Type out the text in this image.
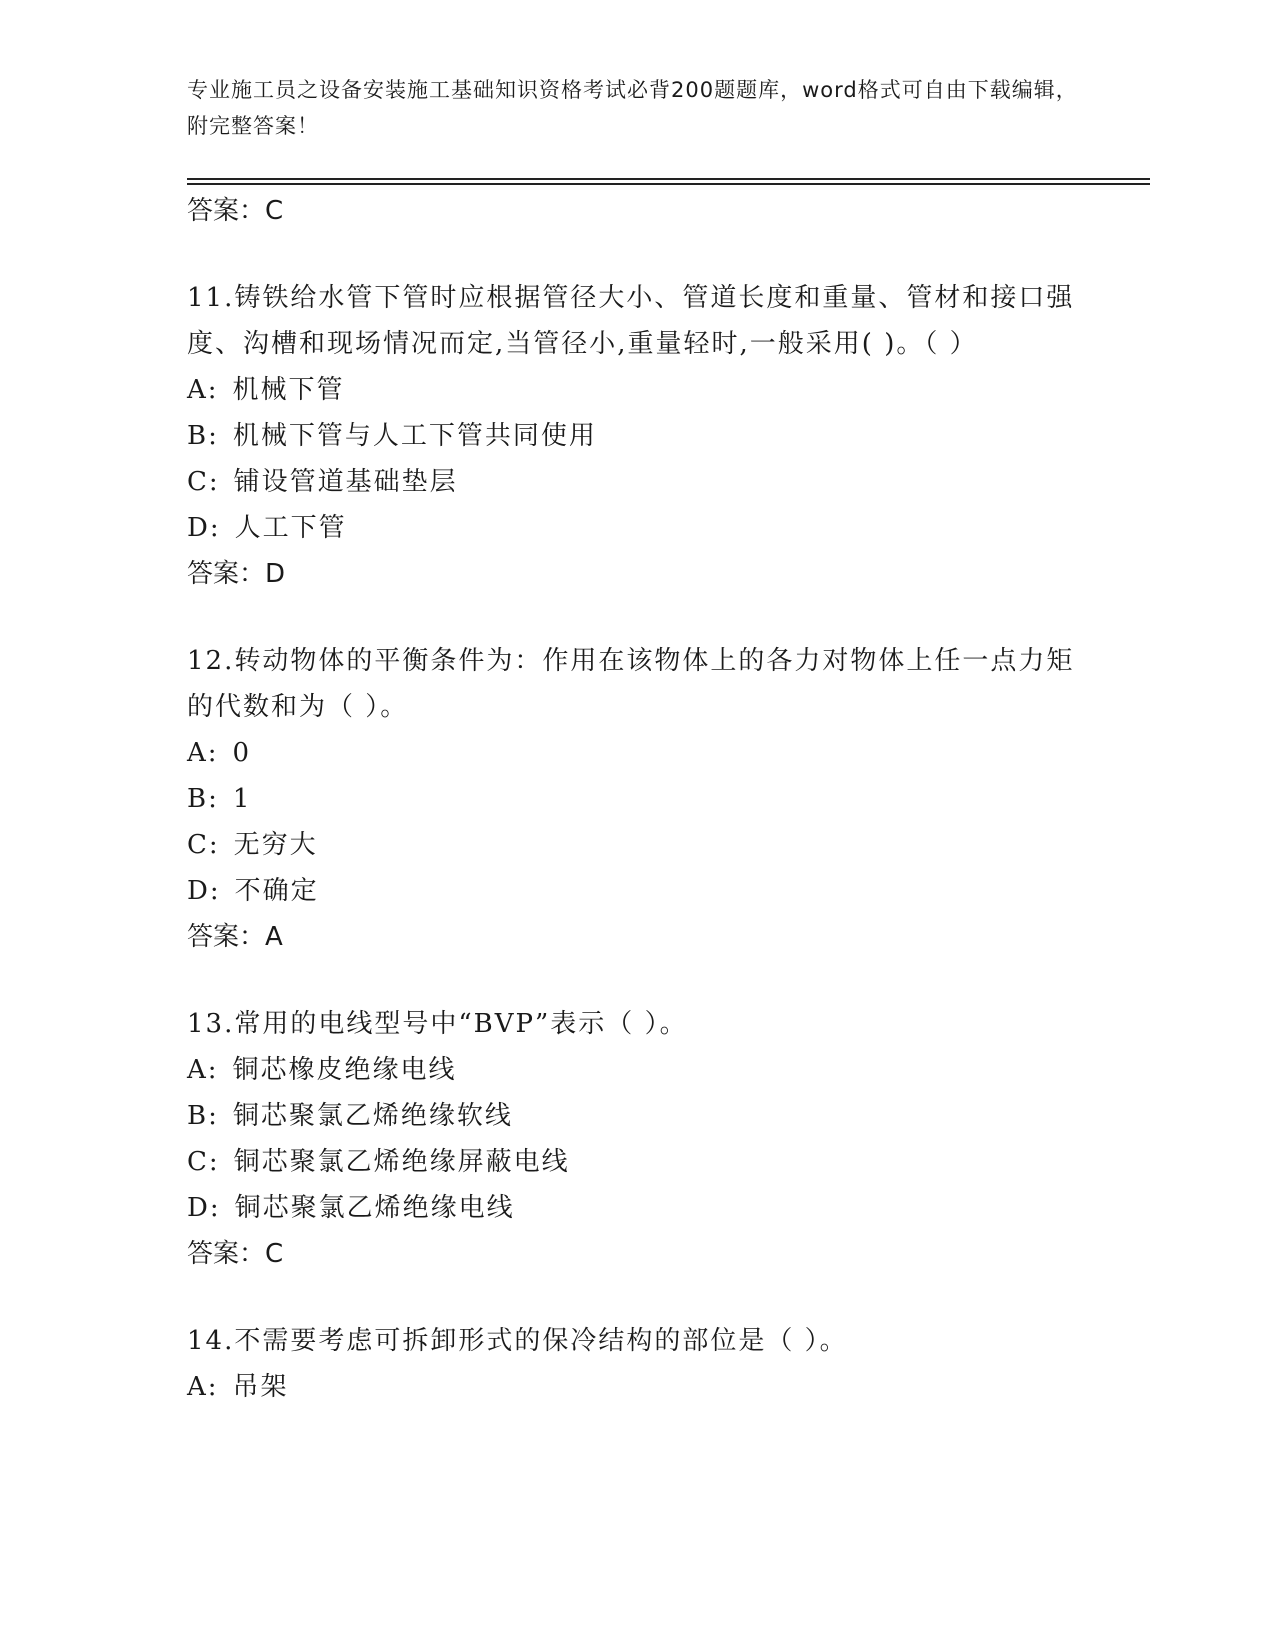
专业施工员之设备安装施工基础知识资格考试必背200题题库，word格式可自由下载编辑，附完整答案！

答案：C

11.铸铁给水管下管时应根据管径大小、管道长度和重量、管材和接口强度、沟槽和现场情况而定,当管径小,重量轻时,一般采用( )。（ ）

A: 机械下管

B: 机械下管与人工下管共同使用

C: 铺设管道基础垫层

D: 人工下管

答案：D

12.转动物体的平衡条件为：作用在该物体上的各力对物体上任一点力矩的代数和为（ ）。

A: 0

B: 1

C: 无穷大

D: 不确定

答案：A

13.常用的电线型号中“BVP”表示（ ）。

A: 铜芯橡皮绝缘电线

B: 铜芯聚氯乙烯绝缘软线

C: 铜芯聚氯乙烯绝缘屏蔽电线

D: 铜芯聚氯乙烯绝缘电线

答案：C

14.不需要考虑可拆卸形式的保冷结构的部位是（ ）。

A: 吊架
